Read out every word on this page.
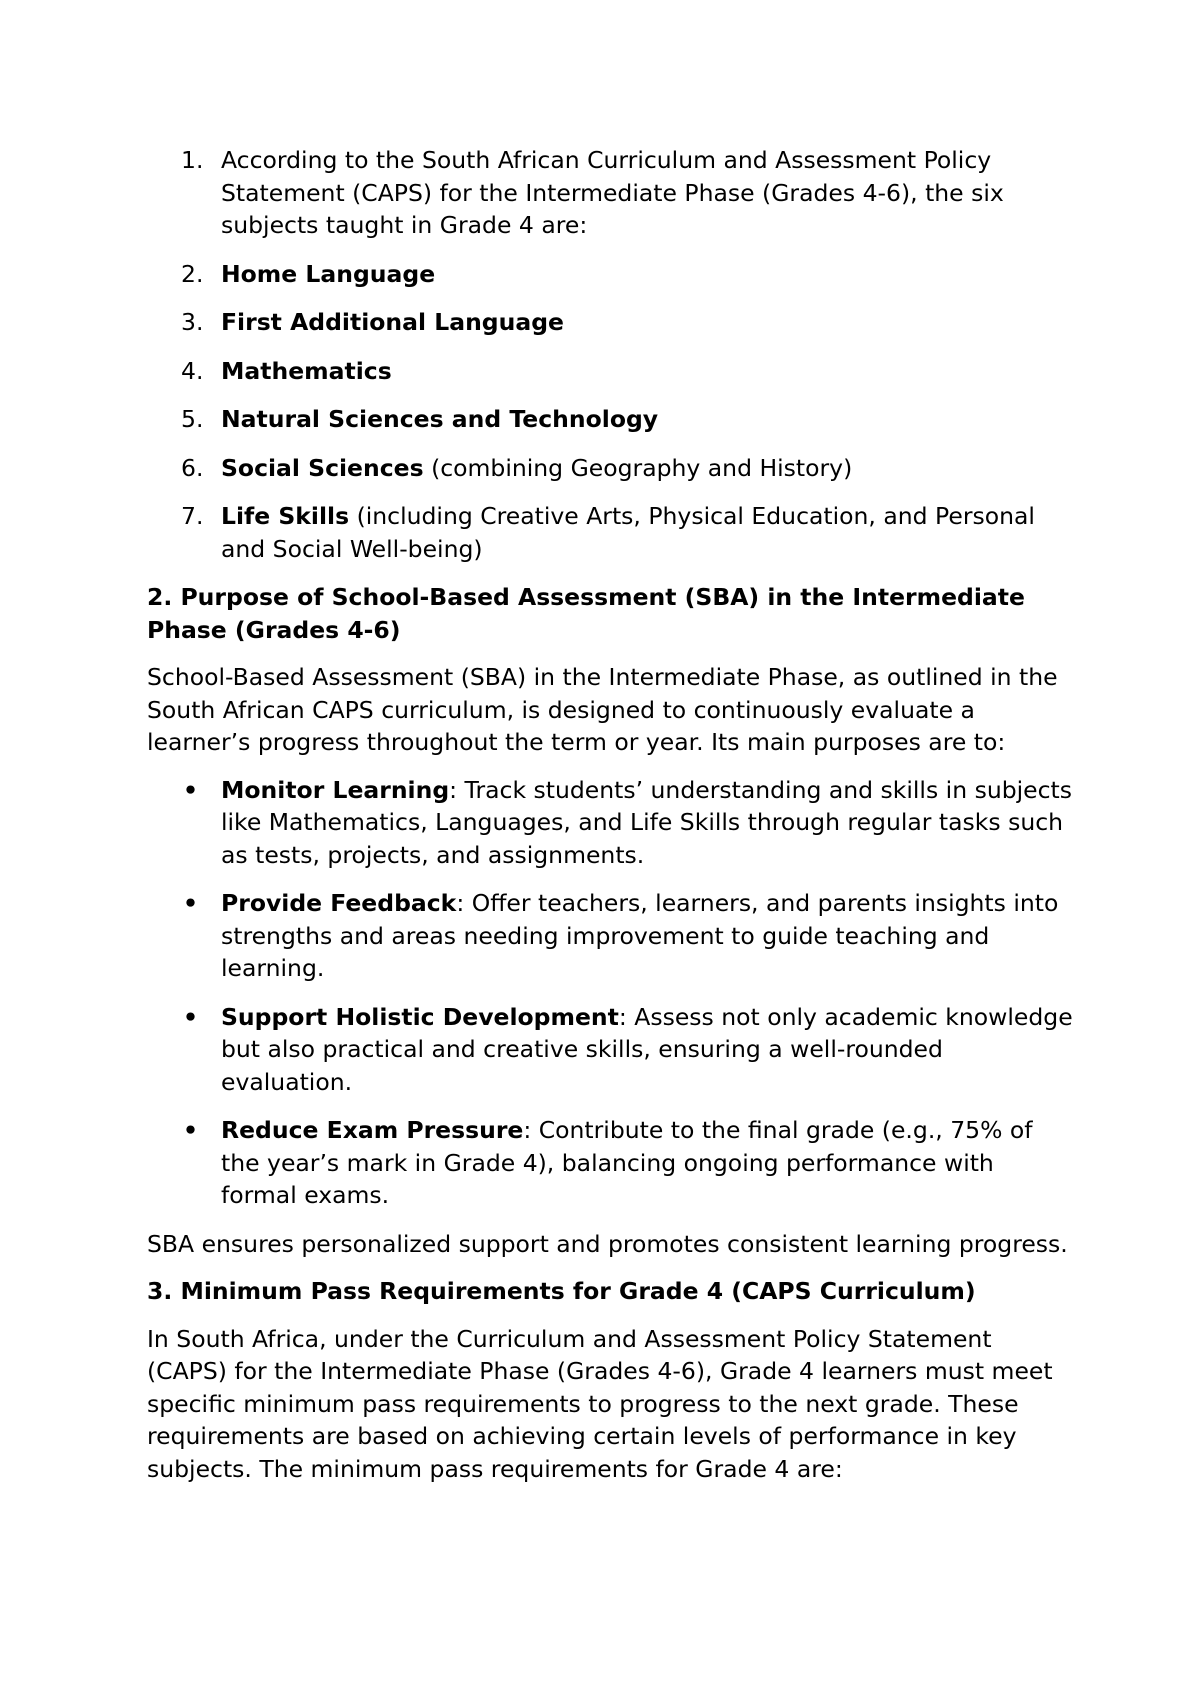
1. According to the South African Curriculum and Assessment Policy Statement (CAPS) for the Intermediate Phase (Grades 4-6), the six subjects taught in Grade 4 are:
2. Home Language
3. First Additional Language
4. Mathematics
5. Natural Sciences and Technology
6. Social Sciences (combining Geography and History)
7. Life Skills (including Creative Arts, Physical Education, and Personal and Social Well-being)
2. Purpose of School-Based Assessment (SBA) in the Intermediate Phase (Grades 4-6)

School-Based Assessment (SBA) in the Intermediate Phase, as outlined in the South African CAPS curriculum, is designed to continuously evaluate a learner’s progress throughout the term or year. Its main purposes are to:

• Monitor Learning: Track students’ understanding and skills in subjects like Mathematics, Languages, and Life Skills through regular tasks such as tests, projects, and assignments.
• Provide Feedback: Offer teachers, learners, and parents insights into strengths and areas needing improvement to guide teaching and learning.
• Support Holistic Development: Assess not only academic knowledge but also practical and creative skills, ensuring a well-rounded evaluation.
• Reduce Exam Pressure: Contribute to the final grade (e.g., 75% of the year’s mark in Grade 4), balancing ongoing performance with formal exams.

SBA ensures personalized support and promotes consistent learning progress.

3. Minimum Pass Requirements for Grade 4 (CAPS Curriculum)

In South Africa, under the Curriculum and Assessment Policy Statement (CAPS) for the Intermediate Phase (Grades 4-6), Grade 4 learners must meet specific minimum pass requirements to progress to the next grade. These requirements are based on achieving certain levels of performance in key subjects. The minimum pass requirements for Grade 4 are:
